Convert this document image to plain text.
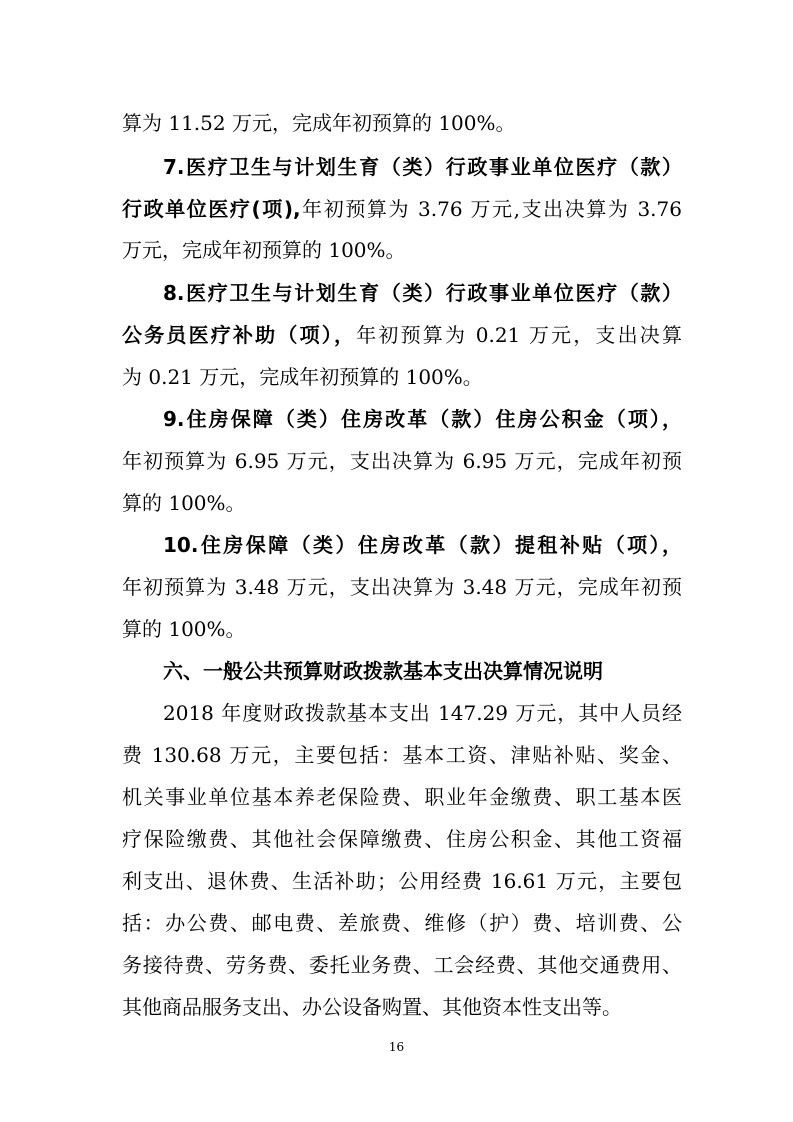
算为 11.52 万元，完成年初预算的 100%。
7.医疗卫生与计划生育（类）行政事业单位医疗（款）
行政单位医疗(项),年初预算为 3.76 万元,支出决算为 3.76
万元，完成年初预算的 100%。
8.医疗卫生与计划生育（类）行政事业单位医疗（款）
公务员医疗补助（项），年初预算为 0.21 万元，支出决算
为 0.21 万元，完成年初预算的 100%。
9.住房保障（类）住房改革（款）住房公积金（项），
年初预算为 6.95 万元，支出决算为 6.95 万元，完成年初预
算的 100%。
10.住房保障（类）住房改革（款）提租补贴（项），
年初预算为 3.48 万元，支出决算为 3.48 万元，完成年初预
算的 100%。
六、一般公共预算财政拨款基本支出决算情况说明
2018 年度财政拨款基本支出 147.29 万元，其中人员经
费 130.68 万元，主要包括：基本工资、津贴补贴、奖金、
机关事业单位基本养老保险费、职业年金缴费、职工基本医
疗保险缴费、其他社会保障缴费、住房公积金、其他工资福
利支出、退休费、生活补助；公用经费 16.61 万元，主要包
括：办公费、邮电费、差旅费、维修（护）费、培训费、公
务接待费、劳务费、委托业务费、工会经费、其他交通费用、
其他商品服务支出、办公设备购置、其他资本性支出等。
16
